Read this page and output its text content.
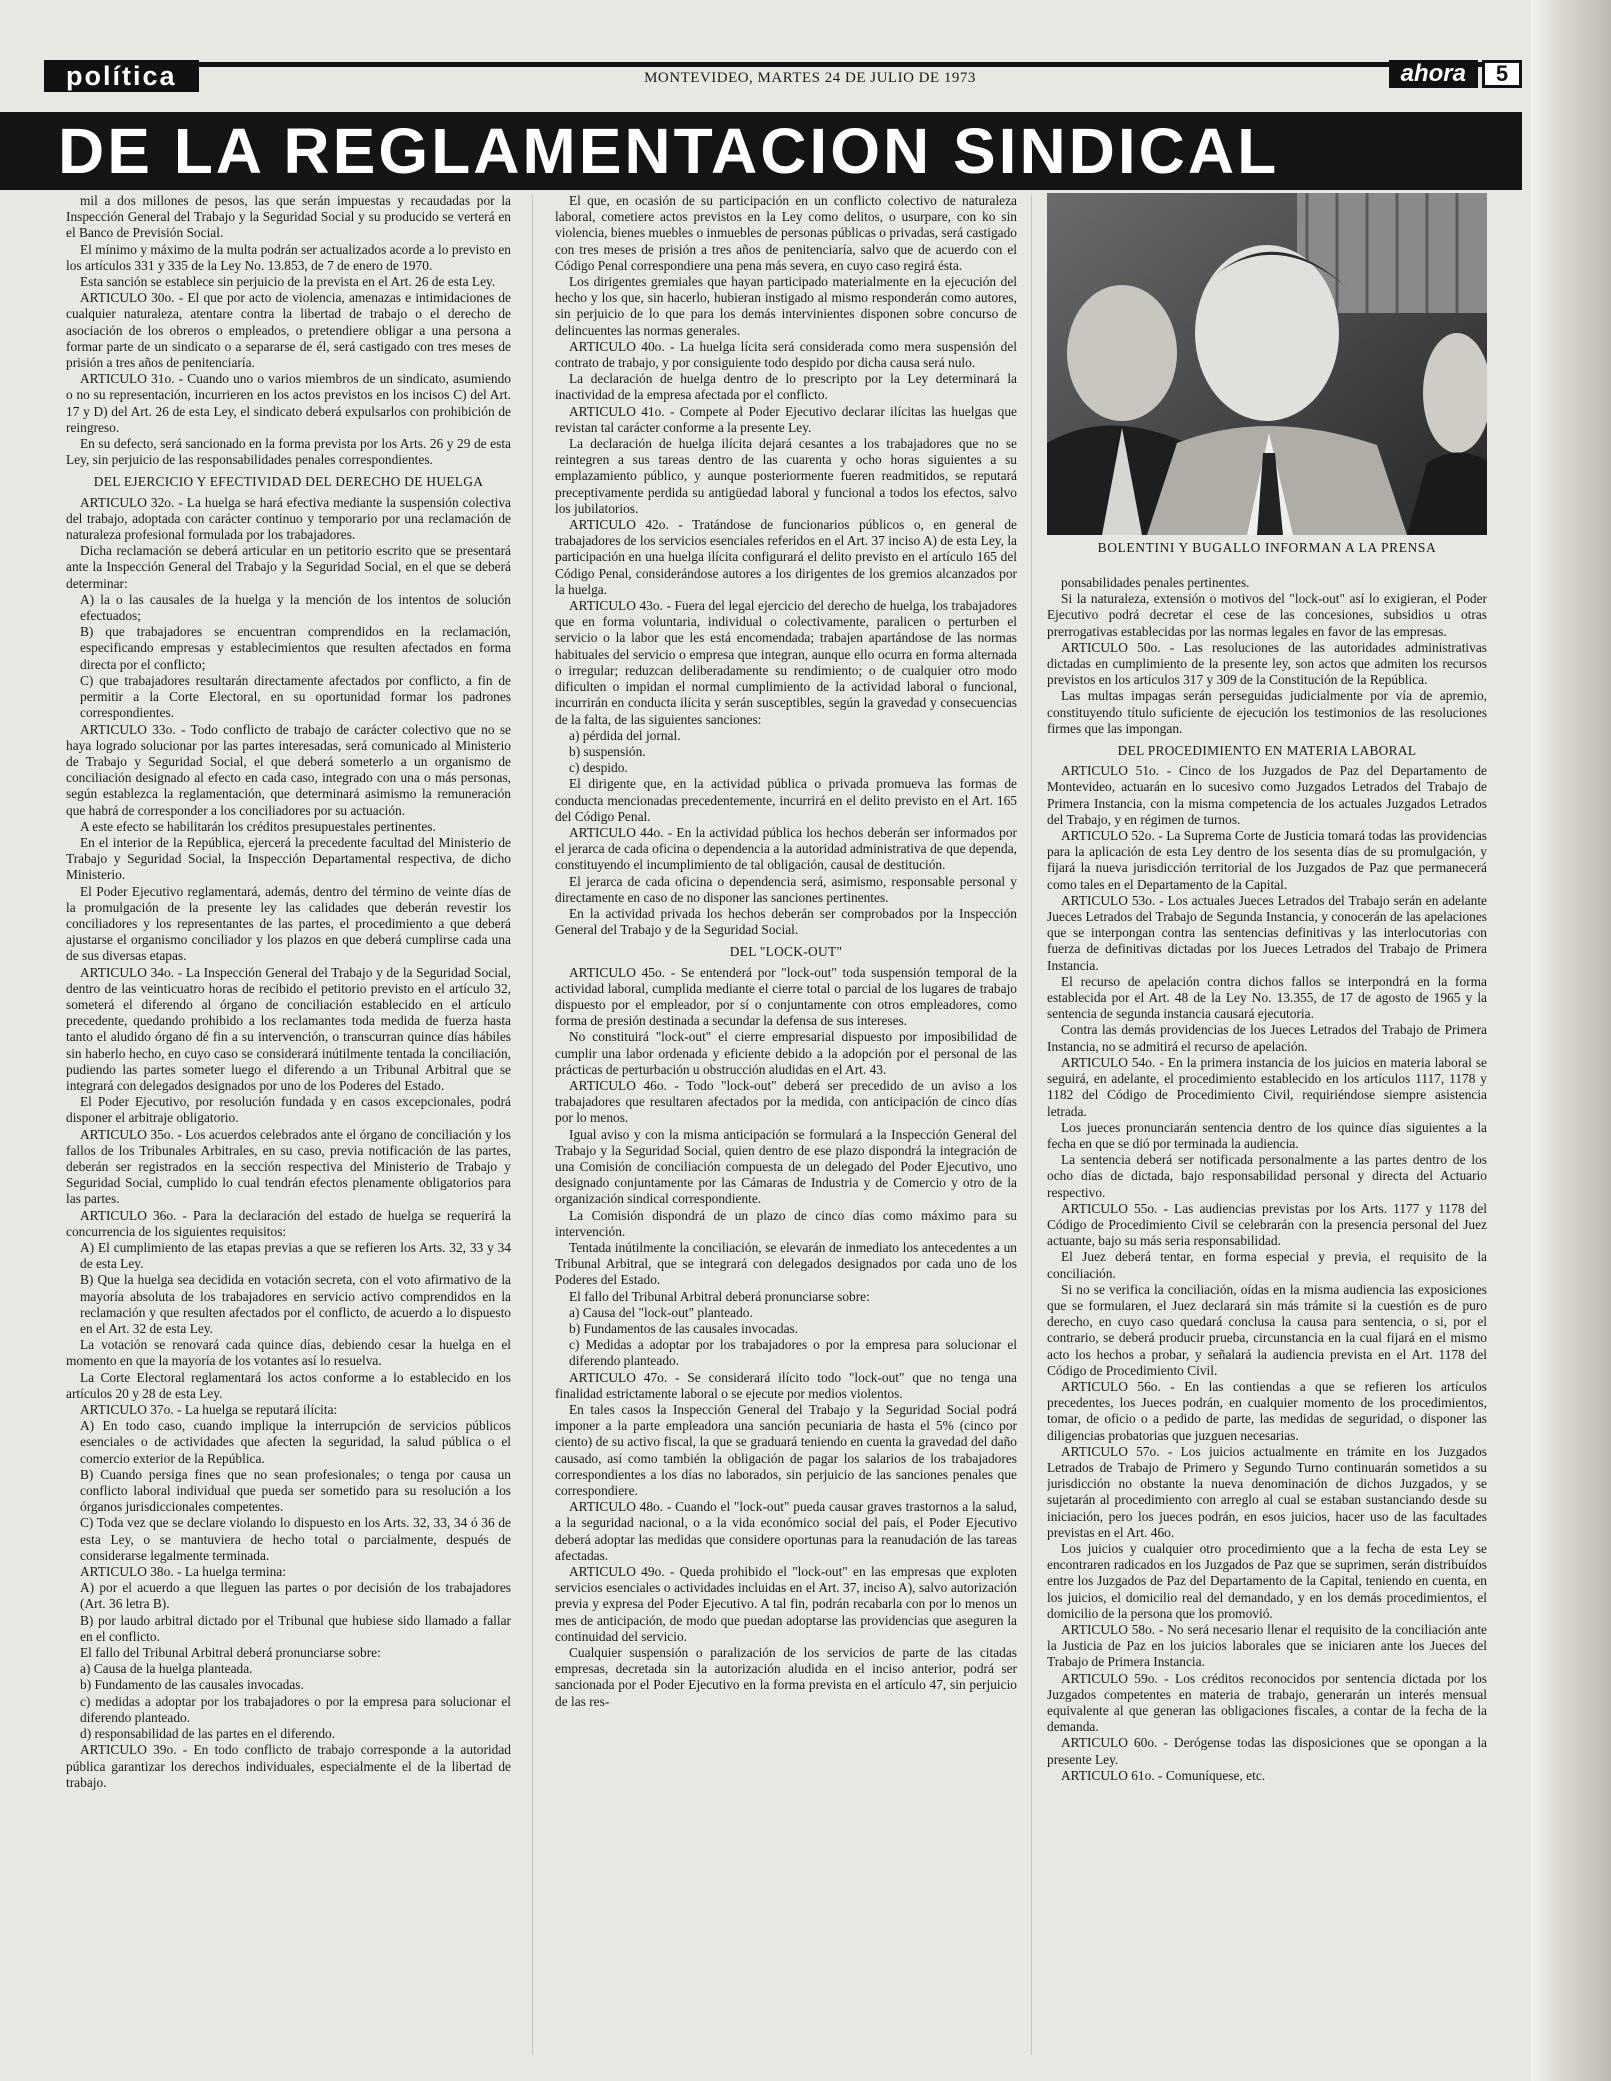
política	MONTEVIDEO, MARTES 24 DE JULIO DE 1973	ahora	5
DE LA REGLAMENTACION SINDICAL

mil a dos millones de pesos, las que serán impuestas y recaudadas por la Inspección General del Trabajo y la Seguridad Social y su producido se verterá en el Banco de Previsión Social.

El mínimo y máximo de la multa podrán ser actualizados acorde a lo previsto en los artículos 331 y 335 de la Ley No. 13.853, de 7 de enero de 1970.

Esta sanción se establece sin perjuicio de la prevista en el Art. 26 de esta Ley.

ARTICULO 30o. - El que por acto de violencia, amenazas e intimidaciones de cualquier naturaleza, atentare contra la libertad de trabajo o el derecho de asociación de los obreros o empleados, o pretendiere obligar a una persona a formar parte de un sindicato o a separarse de él, será castigado con tres meses de prisión a tres años de penitenciaría.

ARTICULO 31o. - Cuando uno o varios miembros de un sindicato, asumiendo o no su representación, incurrieren en los actos previstos en los incisos C) del Art. 17 y D) del Art. 26 de esta Ley, el sindicato deberá expulsarlos con prohibición de reingreso.

En su defecto, será sancionado en la forma prevista por los Arts. 26 y 29 de esta Ley, sin perjuicio de las responsabilidades penales correspondientes.

DEL EJERCICIO Y EFECTIVIDAD DEL DERECHO DE HUELGA

ARTICULO 32o. - La huelga se hará efectiva mediante la suspensión colectiva del trabajo, adoptada con carácter continuo y temporario por una reclamación de naturaleza profesional formulada por los trabajadores.

Dicha reclamación se deberá articular en un petitorio escrito que se presentará ante la Inspección General del Trabajo y la Seguridad Social, en el que se deberá determinar:

A) la o las causales de la huelga y la mención de los intentos de solución efectuados;

B) que trabajadores se encuentran comprendidos en la reclamación, especificando empresas y establecimientos que resulten afectados en forma directa por el conflicto;

C) que trabajadores resultarán directamente afectados por conflicto, a fin de permitir a la Corte Electoral, en su oportunidad formar los padrones correspondientes.

ARTICULO 33o. - Todo conflicto de trabajo de carácter colectivo que no se haya logrado solucionar por las partes interesadas, será comunicado al Ministerio de Trabajo y Seguridad Social, el que deberá someterlo a un organismo de conciliación designado al efecto en cada caso, integrado con una o más personas, según establezca la reglamentación, que determinará asimismo la remuneración que habrá de corresponder a los conciliadores por su actuación.

A este efecto se habilitarán los créditos presupuestales pertinentes.

En el interior de la República, ejercerá la precedente facultad del Ministerio de Trabajo y Seguridad Social, la Inspección Departamental respectiva, de dicho Ministerio.

El Poder Ejecutivo reglamentará, además, dentro del término de veinte días de la promulgación de la presente ley las calidades que deberán revestir los conciliadores y los representantes de las partes, el procedimiento a que deberá ajustarse el organismo conciliador y los plazos en que deberá cumplirse cada una de sus diversas etapas.

ARTICULO 34o. - La Inspección General del Trabajo y de la Seguridad Social, dentro de las veinticuatro horas de recibido el petitorio previsto en el artículo 32, someterá el diferendo al órgano de conciliación establecido en el artículo precedente, quedando prohibido a los reclamantes toda medida de fuerza hasta tanto el aludido órgano dé fin a su intervención, o transcurran quince días hábiles sin haberlo hecho, en cuyo caso se considerará inútilmente tentada la conciliación, pudiendo las partes someter luego el diferendo a un Tribunal Arbitral que se integrará con delegados designados por uno de los Poderes del Estado.

El Poder Ejecutivo, por resolución fundada y en casos excepcionales, podrá disponer el arbitraje obligatorio.

ARTICULO 35o. - Los acuerdos celebrados ante el órgano de conciliación y los fallos de los Tribunales Arbitrales, en su caso, previa notificación de las partes, deberán ser registrados en la sección respectiva del Ministerio de Trabajo y Seguridad Social, cumplido lo cual tendrán efectos plenamente obligatorios para las partes.

ARTICULO 36o. - Para la declaración del estado de huelga se requerirá la concurrencia de los siguientes requisitos:

A) El cumplimiento de las etapas previas a que se refieren los Arts. 32, 33 y 34 de esta Ley.

B) Que la huelga sea decidida en votación secreta, con el voto afirmativo de la mayoría absoluta de los trabajadores en servicio activo comprendidos en la reclamación y que resulten afectados por el conflicto, de acuerdo a lo dispuesto en el Art. 32 de esta Ley.

La votación se renovará cada quince días, debiendo cesar la huelga en el momento en que la mayoría de los votantes así lo resuelva.

La Corte Electoral reglamentará los actos conforme a lo establecido en los artículos 20 y 28 de esta Ley.

ARTICULO 37o. - La huelga se reputará ilícita:

A) En todo caso, cuando implique la interrupción de servicios públicos esenciales o de actividades que afecten la seguridad, la salud pública o el comercio exterior de la República.

B) Cuando persiga fines que no sean profesionales; o tenga por causa un conflicto laboral individual que pueda ser sometido para su resolución a los órganos jurisdiccionales competentes.

C) Toda vez que se declare violando lo dispuesto en los Arts. 32, 33, 34 ó 36 de esta Ley, o se mantuviera de hecho total o parcialmente, después de considerarse legalmente terminada.

ARTICULO 38o. - La huelga termina:

A) por el acuerdo a que lleguen las partes o por decisión de los trabajadores (Art. 36 letra B).

B) por laudo arbitral dictado por el Tribunal que hubiese sido llamado a fallar en el conflicto.

El fallo del Tribunal Arbitral deberá pronunciarse sobre:

a) Causa de la huelga planteada.

b) Fundamento de las causales invocadas.

c) medidas a adoptar por los trabajadores o por la empresa para solucionar el diferendo planteado.

d) responsabilidad de las partes en el diferendo.

ARTICULO 39o. - En todo conflicto de trabajo corresponde a la autoridad pública garantizar los derechos individuales, especialmente el de la libertad de trabajo.

El que, en ocasión de su participación en un conflicto colectivo de naturaleza laboral, cometiere actos previstos en la Ley como delitos, o usurpare, con ko sin violencia, bienes muebles o inmuebles de personas públicas o privadas, será castigado con tres meses de prisión a tres años de penitenciaría, salvo que de acuerdo con el Código Penal correspondiere una pena más severa, en cuyo caso regirá ésta.

Los dirigentes gremiales que hayan participado materialmente en la ejecución del hecho y los que, sin hacerlo, hubieran instigado al mismo responderán como autores, sin perjuicio de lo que para los demás intervinientes disponen sobre concurso de delincuentes las normas generales.

ARTICULO 40o. - La huelga lícita será considerada como mera suspensión del contrato de trabajo, y por consiguiente todo despido por dicha causa será nulo.

La declaración de huelga dentro de lo prescripto por la Ley determinará la inactividad de la empresa afectada por el conflicto.

ARTICULO 41o. - Compete al Poder Ejecutivo declarar ilícitas las huelgas que revistan tal carácter conforme a la presente Ley.

La declaración de huelga ilícita dejará cesantes a los trabajadores que no se reintegren a sus tareas dentro de las cuarenta y ocho horas siguientes a su emplazamiento público, y aunque posteriormente fueren readmitidos, se reputará preceptivamente perdida su antigüedad laboral y funcional a todos los efectos, salvo los jubilatorios.

ARTICULO 42o. - Tratándose de funcionarios públicos o, en general de trabajadores de los servicios esenciales referidos en el Art. 37 inciso A) de esta Ley, la participación en una huelga ilícita configurará el delito previsto en el artículo 165 del Código Penal, considerándose autores a los dirigentes de los gremios alcanzados por la huelga.

ARTICULO 43o. - Fuera del legal ejercicio del derecho de huelga, los trabajadores que en forma voluntaria, individual o colectivamente, paralicen o perturben el servicio o la labor que les está encomendada; trabajen apartándose de las normas habituales del servicio o empresa que integran, aunque ello ocurra en forma alternada o irregular; reduzcan deliberadamente su rendimiento; o de cualquier otro modo dificulten o impidan el normal cumplimiento de la actividad laboral o funcional, incurrirán en conducta ilícita y serán susceptibles, según la gravedad y consecuencias de la falta, de las siguientes sanciones:

a) pérdida del jornal.

b) suspensión.

c) despido.

El dirigente que, en la actividad pública o privada promueva las formas de conducta mencionadas precedentemente, incurrirá en el delito previsto en el Art. 165 del Código Penal.

ARTICULO 44o. - En la actividad pública los hechos deberán ser informados por el jerarca de cada oficina o dependencia a la autoridad administrativa de que dependa, constituyendo el incumplimiento de tal obligación, causal de destitución.

El jerarca de cada oficina o dependencia será, asimismo, responsable personal y directamente en caso de no disponer las sanciones pertinentes.

En la actividad privada los hechos deberán ser comprobados por la Inspección General del Trabajo y de la Seguridad Social.

DEL "LOCK-OUT"

ARTICULO 45o. - Se entenderá por "lock-out" toda suspensión temporal de la actividad laboral, cumplida mediante el cierre total o parcial de los lugares de trabajo dispuesto por el empleador, por sí o conjuntamente con otros empleadores, como forma de presión destinada a secundar la defensa de sus intereses.

No constituirá "lock-out" el cierre empresarial dispuesto por imposibilidad de cumplir una labor ordenada y eficiente debido a la adopción por el personal de las prácticas de perturbación u obstrucción aludidas en el Art. 43.

ARTICULO 46o. - Todo "lock-out" deberá ser precedido de un aviso a los trabajadores que resultaren afectados por la medida, con anticipación de cinco días por lo menos.

Igual aviso y con la misma anticipación se formulará a la Inspección General del Trabajo y la Seguridad Social, quien dentro de ese plazo dispondrá la integración de una Comisión de conciliación compuesta de un delegado del Poder Ejecutivo, uno designado conjuntamente por las Cámaras de Industria y de Comercio y otro de la organización sindical correspondiente.

La Comisión dispondrá de un plazo de cinco días como máximo para su intervención.

Tentada inútilmente la conciliación, se elevarán de inmediato los antecedentes a un Tribunal Arbitral, que se integrará con delegados designados por cada uno de los Poderes del Estado.

El fallo del Tribunal Arbitral deberá pronunciarse sobre:

a) Causa del "lock-out" planteado.

b) Fundamentos de las causales invocadas.

c) Medidas a adoptar por los trabajadores o por la empresa para solucionar el diferendo planteado.

ARTICULO 47o. - Se considerará ilícito todo "lock-out" que no tenga una finalidad estrictamente laboral o se ejecute por medios violentos.

En tales casos la Inspección General del Trabajo y la Seguridad Social podrá imponer a la parte empleadora una sanción pecuniaria de hasta el 5% (cinco por ciento) de su activo fiscal, la que se graduará teniendo en cuenta la gravedad del daño causado, así como también la obligación de pagar los salarios de los trabajadores correspondientes a los días no laborados, sin perjuicio de las sanciones penales que correspondiere.

ARTICULO 48o. - Cuando el "lock-out" pueda causar graves trastornos a la salud, a la seguridad nacional, o a la vida económico social del país, el Poder Ejecutivo deberá adoptar las medidas que considere oportunas para la reanudación de las tareas afectadas.

ARTICULO 49o. - Queda prohibido el "lock-out" en las empresas que exploten servicios esenciales o actividades incluidas en el Art. 37, inciso A), salvo autorización previa y expresa del Poder Ejecutivo. A tal fin, podrán recabarla con por lo menos un mes de anticipación, de modo que puedan adoptarse las providencias que aseguren la continuidad del servicio.

Cualquier suspensión o paralización de los servicios de parte de las citadas empresas, decretada sin la autorización aludida en el inciso anterior, podrá ser sancionada por el Poder Ejecutivo en la forma prevista en el artículo 47, sin perjuicio de las res-

BOLENTINI Y BUGALLO INFORMAN A LA PRENSA

ponsabilidades penales pertinentes.

Si la naturaleza, extensión o motivos del "lock-out" así lo exigieran, el Poder Ejecutivo podrá decretar el cese de las concesiones, subsidios u otras prerrogativas establecidas por las normas legales en favor de las empresas.

ARTICULO 50o. - Las resoluciones de las autoridades administrativas dictadas en cumplimiento de la presente ley, son actos que admiten los recursos previstos en los artículos 317 y 309 de la Constitución de la República.

Las multas impagas serán perseguidas judicialmente por vía de apremio, constituyendo título suficiente de ejecución los testimonios de las resoluciones firmes que las impongan.

DEL PROCEDIMIENTO EN MATERIA LABORAL

ARTICULO 51o. - Cinco de los Juzgados de Paz del Departamento de Montevideo, actuarán en lo sucesivo como Juzgados Letrados del Trabajo de Primera Instancia, con la misma competencia de los actuales Juzgados Letrados del Trabajo, y en régimen de turnos.

ARTICULO 52o. - La Suprema Corte de Justicia tomará todas las providencias para la aplicación de esta Ley dentro de los sesenta días de su promulgación, y fijará la nueva jurisdicción territorial de los Juzgados de Paz que permanecerá como tales en el Departamento de la Capital.

ARTICULO 53o. - Los actuales Jueces Letrados del Trabajo serán en adelante Jueces Letrados del Trabajo de Segunda Instancia, y conocerán de las apelaciones que se interpongan contra las sentencias definitivas y las interlocutorias con fuerza de definitivas dictadas por los Jueces Letrados del Trabajo de Primera Instancia.

El recurso de apelación contra dichos fallos se interpondrá en la forma establecida por el Art. 48 de la Ley No. 13.355, de 17 de agosto de 1965 y la sentencia de segunda instancia causará ejecutoria.

Contra las demás providencias de los Jueces Letrados del Trabajo de Primera Instancia, no se admitirá el recurso de apelación.

ARTICULO 54o. - En la primera instancia de los juicios en materia laboral se seguirá, en adelante, el procedimiento establecido en los artículos 1117, 1178 y 1182 del Código de Procedimiento Civil, requiriéndose siempre asistencia letrada.

Los jueces pronunciarán sentencia dentro de los quince días siguientes a la fecha en que se dió por terminada la audiencia.

La sentencia deberá ser notificada personalmente a las partes dentro de los ocho días de dictada, bajo responsabilidad personal y directa del Actuario respectivo.

ARTICULO 55o. - Las audiencias previstas por los Arts. 1177 y 1178 del Código de Procedimiento Civil se celebrarán con la presencia personal del Juez actuante, bajo su más seria responsabilidad.

El Juez deberá tentar, en forma especial y previa, el requisito de la conciliación.

Si no se verifica la conciliación, oídas en la misma audiencia las exposiciones que se formularen, el Juez declarará sin más trámite si la cuestión es de puro derecho, en cuyo caso quedará conclusa la causa para sentencia, o si, por el contrario, se deberá producir prueba, circunstancia en la cual fijará en el mismo acto los hechos a probar, y señalará la audiencia prevista en el Art. 1178 del Código de Procedimiento Civil.

ARTICULO 56o. - En las contiendas a que se refieren los artículos precedentes, los Jueces podrán, en cualquier momento de los procedimientos, tomar, de oficio o a pedido de parte, las medidas de seguridad, o disponer las diligencias probatorias que juzguen necesarias.

ARTICULO 57o. - Los juicios actualmente en trámite en los Juzgados Letrados de Trabajo de Primero y Segundo Turno continuarán sometidos a su jurisdicción no obstante la nueva denominación de dichos Juzgados, y se sujetarán al procedimiento con arreglo al cual se estaban sustanciando desde su iniciación, pero los jueces podrán, en esos juicios, hacer uso de las facultades previstas en el Art. 46o.

Los juicios y cualquier otro procedimiento que a la fecha de esta Ley se encontraren radicados en los Juzgados de Paz que se suprimen, serán distribuídos entre los Juzgados de Paz del Departamento de la Capital, teniendo en cuenta, en los juicios, el domicilio real del demandado, y en los demás procedimientos, el domicilio de la persona que los promovió.

ARTICULO 58o. - No será necesario llenar el requisito de la conciliación ante la Justicia de Paz en los juicios laborales que se iniciaren ante los Jueces del Trabajo de Primera Instancia.

ARTICULO 59o. - Los créditos reconocidos por sentencia dictada por los Juzgados competentes en materia de trabajo, generarán un interés mensual equivalente al que generan las obligaciones fiscales, a contar de la fecha de la demanda.

ARTICULO 60o. - Derógense todas las disposiciones que se opongan a la presente Ley.

ARTICULO 61o. - Comuníquese, etc.
